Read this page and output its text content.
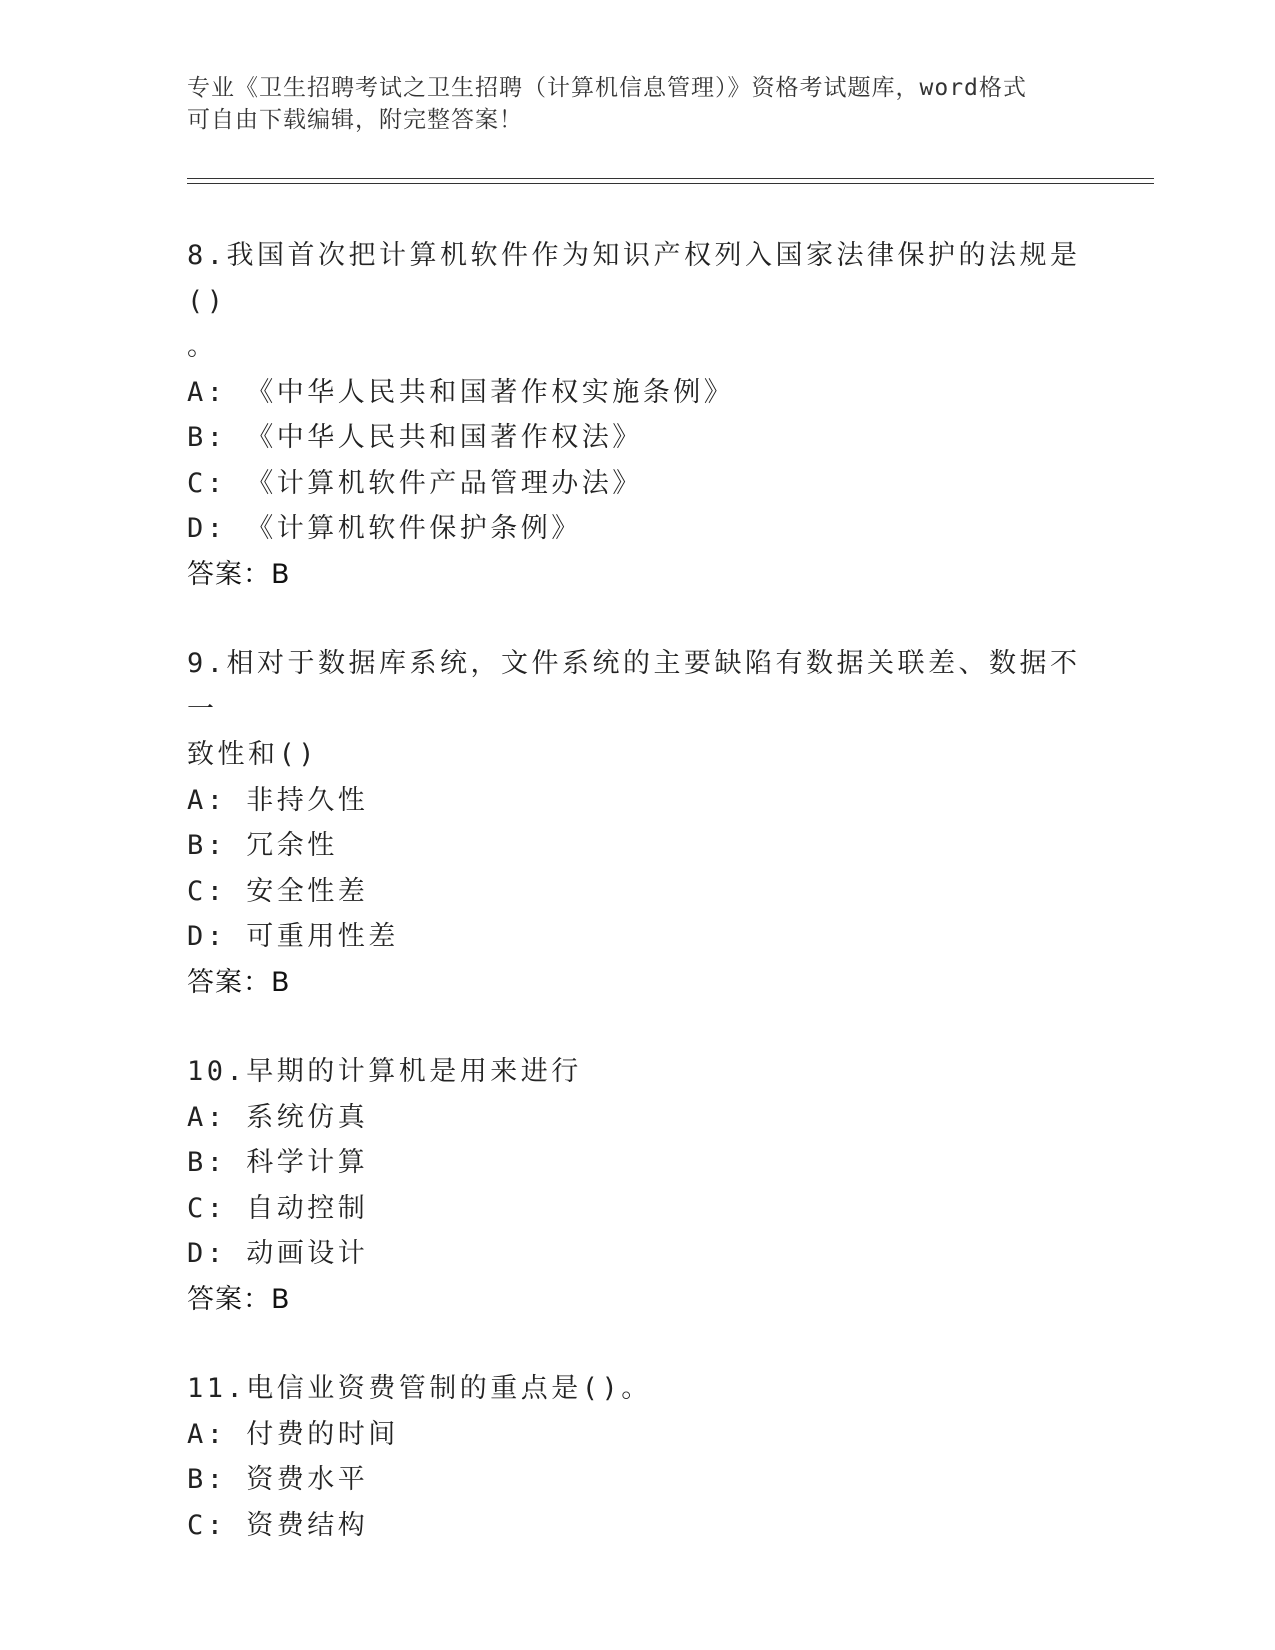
专业《卫生招聘考试之卫生招聘（计算机信息管理）》资格考试题库，word格式
可自由下载编辑，附完整答案！
8.我国首次把计算机软件作为知识产权列入国家法律保护的法规是()
。
A: 《中华人民共和国著作权实施条例》
B: 《中华人民共和国著作权法》
C: 《计算机软件产品管理办法》
D: 《计算机软件保护条例》
答案：B
9.相对于数据库系统，文件系统的主要缺陷有数据关联差、数据不一
致性和()
A: 非持久性
B: 冗余性
C: 安全性差
D: 可重用性差
答案：B
10.早期的计算机是用来进行
A: 系统仿真
B: 科学计算
C: 自动控制
D: 动画设计
答案：B
11.电信业资费管制的重点是()。
A: 付费的时间
B: 资费水平
C: 资费结构
